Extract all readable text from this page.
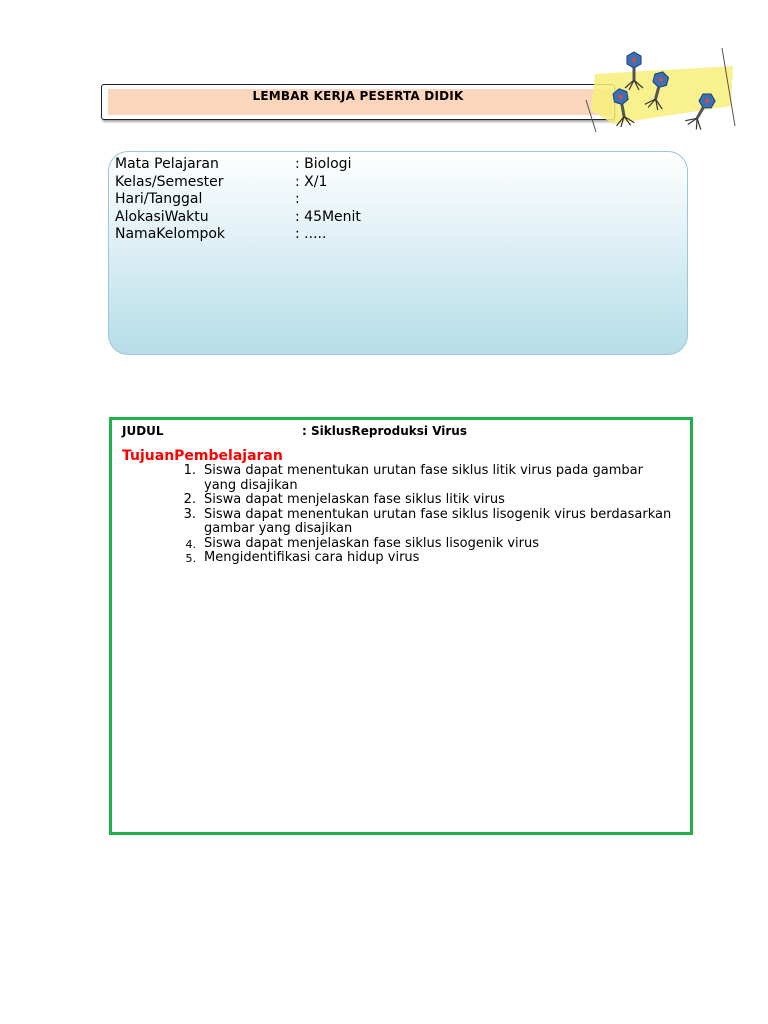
LEMBAR KERJA PESERTA DIDIK
Mata Pelajaran	: Biologi
Kelas/Semester	: X/1
Hari/Tanggal	:
AlokasiWaktu	: 45Menit
NamaKelompok	: .....
JUDUL	: SiklusReproduksi Virus
TujuanPembelajaran
1. Siswa dapat menentukan urutan fase siklus litik virus pada gambar yang disajikan
2. Siswa dapat menjelaskan fase siklus litik virus
3. Siswa dapat menentukan urutan fase siklus lisogenik virus berdasarkan gambar yang disajikan
4. Siswa dapat menjelaskan fase siklus lisogenik virus
5. Mengidentifikasi cara hidup virus
